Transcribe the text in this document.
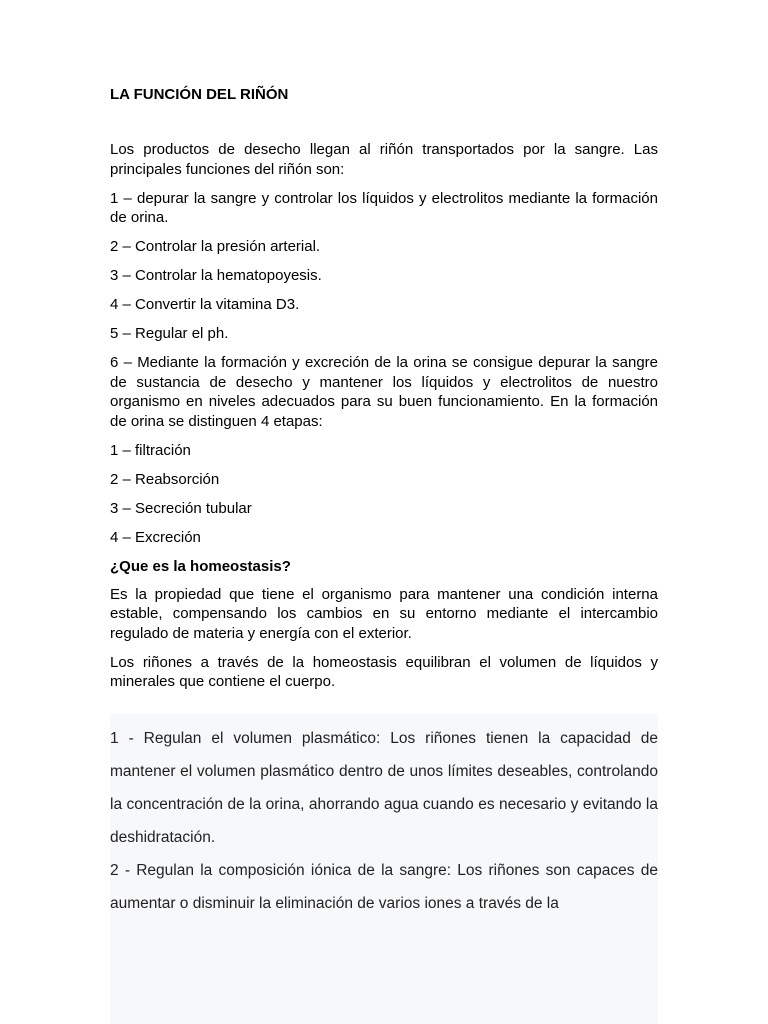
LA FUNCIÓN DEL RIÑÓN
Los productos de desecho llegan al riñón transportados por la sangre. Las principales funciones del riñón son:
1 – depurar la sangre y controlar los líquidos y electrolitos mediante la formación de orina.
2 – Controlar la presión arterial.
3 – Controlar la hematopoyesis.
4 – Convertir la vitamina D3.
5 – Regular el ph.
6 – Mediante la formación y excreción de la orina se consigue depurar la sangre de sustancia de desecho y mantener los líquidos y electrolitos de nuestro organismo en niveles adecuados para su buen funcionamiento. En la formación de orina se distinguen 4 etapas:
1 – filtración
2 – Reabsorción
3 – Secreción tubular
4 – Excreción
¿Que es la homeostasis?
Es la propiedad que tiene el organismo para mantener una condición interna estable, compensando los cambios en su entorno mediante el intercambio regulado de materia y energía con el exterior.
Los riñones a través de la homeostasis equilibran el volumen de líquidos y minerales que contiene el cuerpo.
1 - Regulan el volumen plasmático: Los riñones tienen la capacidad de mantener el volumen plasmático dentro de unos límites deseables, controlando la concentración de la orina, ahorrando agua cuando es necesario y evitando la deshidratación.
2 - Regulan la composición iónica de la sangre: Los riñones son capaces de aumentar o disminuir la eliminación de varios iones a través de la
